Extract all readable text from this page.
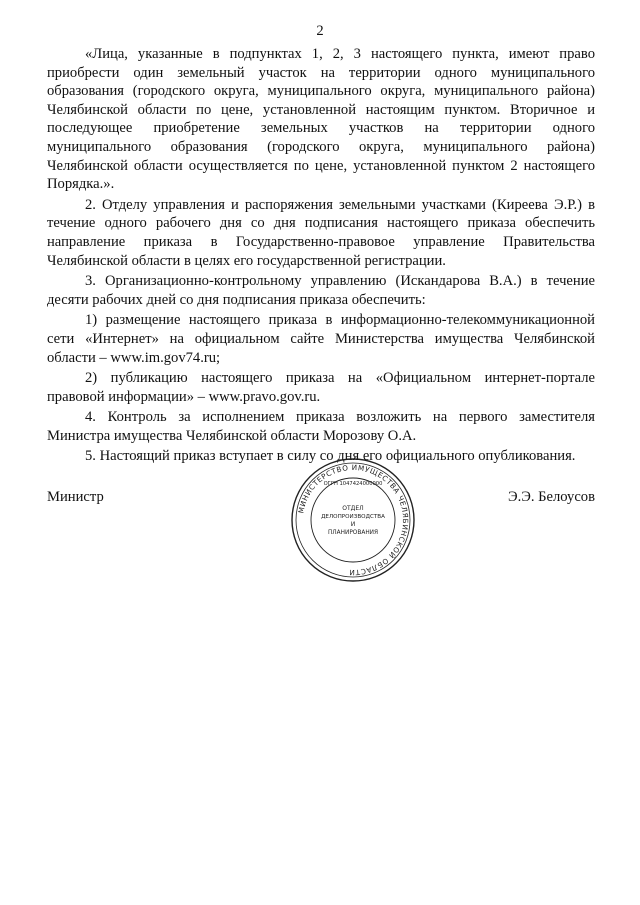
2

«Лица, указанные в подпунктах 1, 2, 3 настоящего пункта, имеют право приобрести один земельный участок на территории одного муниципального образования (городского округа, муниципального округа, муниципального района) Челябинской области по цене, установленной настоящим пунктом. Вторичное и последующее приобретение земельных участков на территории одного муниципального образования (городского округа, муниципального района) Челябинской области осуществляется по цене, установленной пунктом 2 настоящего Порядка.».

2. Отделу управления и распоряжения земельными участками (Киреева Э.Р.) в течение одного рабочего дня со дня подписания настоящего приказа обеспечить направление приказа в Государственно-правовое управление Правительства Челябинской области в целях его государственной регистрации.

3. Организационно-контрольному управлению (Искандарова В.А.) в течение десяти рабочих дней со дня подписания приказа обеспечить:

1) размещение настоящего приказа в информационно-телекоммуникационной сети «Интернет» на официальном сайте Министерства имущества Челябинской области – www.im.gov74.ru;

2) публикацию настоящего приказа на «Официальном интернет-портале правовой информации» – www.pravo.gov.ru.

4. Контроль за исполнением приказа возложить на первого заместителя Министра имущества Челябинской области Морозову О.А.

5. Настоящий приказ вступает в силу со дня его официального опубликования.

Министр	Э.Э. Белоусов
МИНИСТЕРСТВО ИМУЩЕСТВА ЧЕЛЯБИНСКОЙ ОБЛАСТИ
ОГРН 1047424000000
ОТДЕЛ
ДЕЛОПРОИЗВОДСТВА
И
ПЛАНИРОВАНИЯ
